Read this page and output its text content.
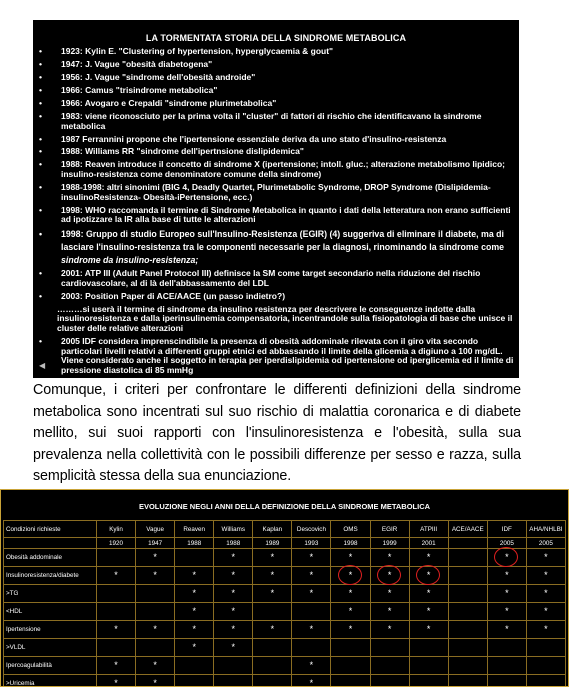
LA TORMENTATA STORIA DELLA SINDROME METABOLICA
• 1923: Kylin E. "Clustering of hypertension, hyperglycaemia & gout"
• 1947: J. Vague "obesità diabetogena"
• 1956: J. Vague "sindrome dell'obesità androide"
• 1966: Camus "trisindrome metabolica"
• 1966: Avogaro e Crepaldi "sindrome plurimetabolica"
• 1983: viene riconosciuto per la prima volta il "cluster" di fattori di rischio che identificavano la sindrome metabolica
• 1987 Ferrannini propone che l'ipertensione essenziale deriva da uno stato d'insulino-resistenza
• 1988: Williams RR "sindrome dell'ipertnsione dislipidemica"
• 1988: Reaven introduce il concetto di sindrome X (ipertensione; intoll. gluc.; alterazione metabolismo lipidico; insulino-resistenza come denominatore comune della sindrome)
• 1988-1998: altri sinonimi (BIG 4, Deadly Quartet, Plurimetabolic Syndrome, DROP Syndrome (Dislipidemia-insulinoResistenza- Obesità-iPertensione, ecc.)
• 1998: WHO raccomanda il termine di Sindrome Metabolica in quanto i dati della letteratura non erano sufficienti ad ipotizzare la IR alla base di tutte le alterazioni
• 1998: Gruppo di studio Europeo sull'Insulino-Resistenza (EGIR) (4) suggeriva di eliminare il diabete, ma di lasciare l'insulino-resistenza tra le componenti necessarie per la diagnosi, rinominando la sindrome come sindrome da insulino-resistenza;
• 2001: ATP III (Adult Panel Protocol III) definisce la SM come target secondario nella riduzione del rischio cardiovascolare, al di là dell'abbassamento del LDL
• 2003: Position Paper di ACE/AACE (un passo indietro?)
………si userà il termine di sindrome da insulino resistenza per descrivere le conseguenze indotte dalla insulinoresistenza e dalla iperinsulinemia compensatoria, incentrandole sulla fisiopatologia di base che unisce il cluster delle relative alterazioni
• 2005 IDF considera imprenscindibile la presenza di obesità addominale rilevata con il giro vita secondo particolari livelli relativi a differenti gruppi etnici ed abbassando il limite della glicemia a digiuno a 100 mg/dL. Viene considerato anche il soggetto in terapia per iperdislipidemia od ipertensione od iperglicemia ed il limite di pressione diastolica di 85 mmHg
◀

Comunque, i criteri per confrontare le differenti definizioni della sindrome metabolica sono incentrati sul suo rischio di malattia coronarica e di diabete mellito, sui suoi rapporti con l'insulinoresistenza e l'obesità, sulla sua prevalenza nella collettività con le possibili differenze per sesso e razza, sulla semplicità stessa della sua enunciazione.

EVOLUZIONE NEGLI ANNI DELLA DEFINIZIONE DELLA SINDROME METABOLICA
Condizioni richieste	Kylin	Vague	Reaven	Williams	Kaplan	Descovich	OMS	EGIR	ATPIII	ACE/AACE	IDF	AHA/NHLBI
	1920	1947	1988	1988	1989	1993	1998	1999	2001		2005	2005
Obesità addominale		*		*	*	*	*	*	*		*	*
Insulinoresistenza/diabete	*	*	*	*	*	*	*	*	*		*	*
>TG			*	*	*	*	*	*	*		*	*
<HDL			*	*			*	*	*		*	*
Ipertensione	*	*	*	*	*	*	*	*	*		*	*
>VLDL			*	*								
Ipercoagulabilità	*	*				*						
>Uricemia	*	*				*						
